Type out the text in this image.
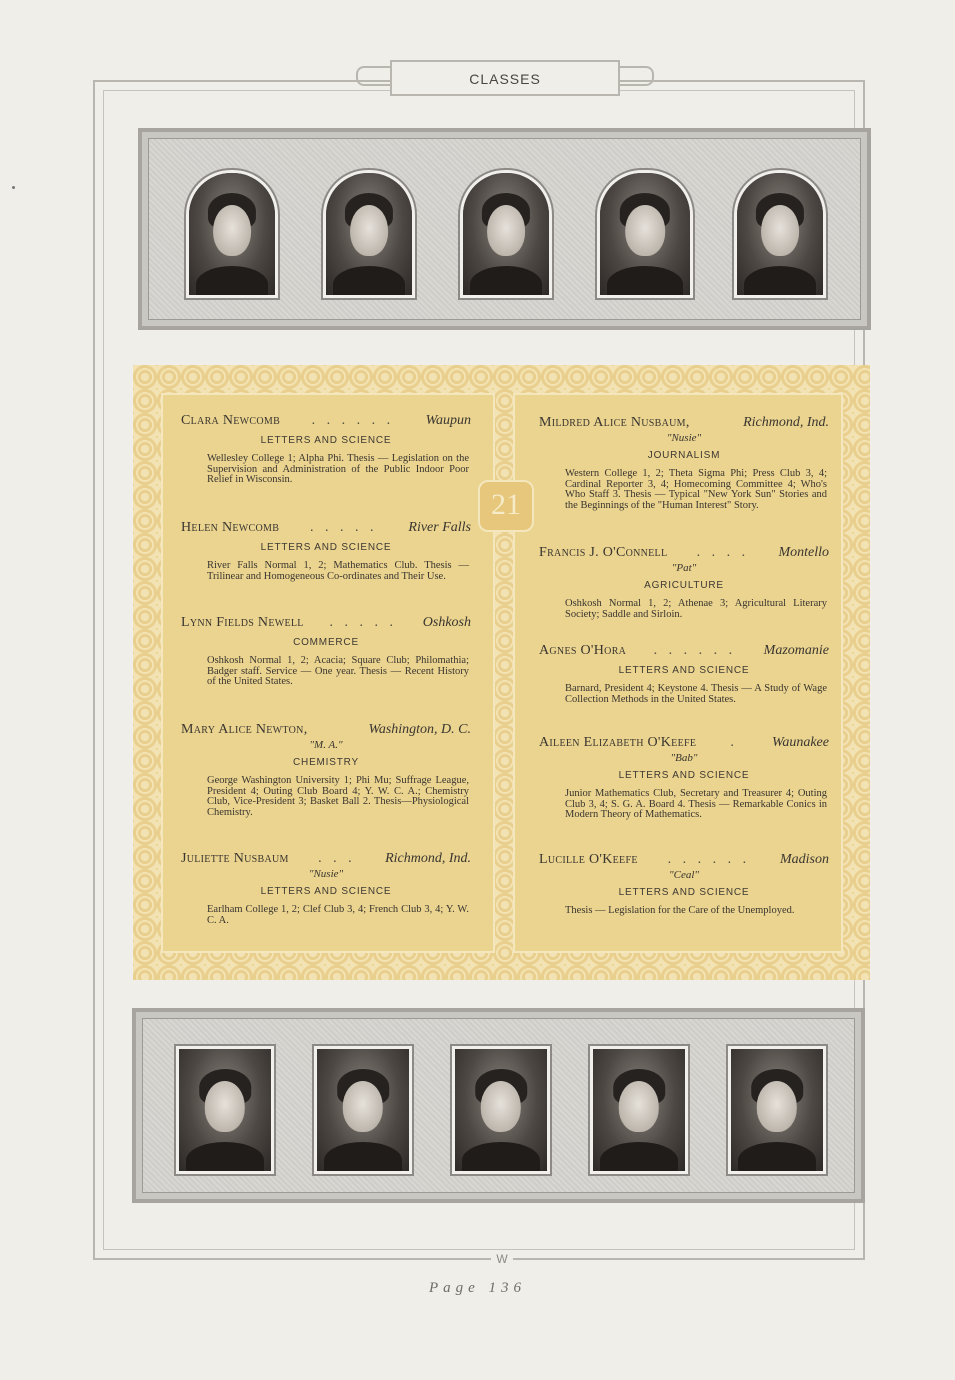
CLASSES
21
Clara Newcomb	. . . . . .	Waupun
LETTERS AND SCIENCE
Wellesley College 1; Alpha Phi. Thesis — Legislation on the Supervision and Administration of the Public Indoor Poor Relief in Wisconsin.
Helen Newcomb	. . . . .	River Falls
LETTERS AND SCIENCE
River Falls Normal 1, 2; Mathematics Club. Thesis — Trilinear and Homogeneous Co-ordinates and Their Use.
Lynn Fields Newell	. . . . .	Oshkosh
COMMERCE
Oshkosh Normal 1, 2; Acacia; Square Club; Philomathia; Badger staff. Service — One year. Thesis — Recent History of the United States.
Mary Alice Newton,	Washington, D. C.
"M. A."
CHEMISTRY
George Washington University 1; Phi Mu; Suffrage League, President 4; Outing Club Board 4; Y. W. C. A.; Chemistry Club, Vice-President 3; Basket Ball 2. Thesis—Physiological Chemistry.
Juliette Nusbaum	. . .	Richmond, Ind.
"Nusie"
LETTERS AND SCIENCE
Earlham College 1, 2; Clef Club 3, 4; French Club 3, 4; Y. W. C. A.
Mildred Alice Nusbaum,	Richmond, Ind.
"Nusie"
JOURNALISM
Western College 1, 2; Theta Sigma Phi; Press Club 3, 4; Cardinal Reporter 3, 4; Homecoming Committee 4; Who's Who Staff 3. Thesis — Typical "New York Sun" Stories and the Beginnings of the "Human Interest" Story.
Francis J. O'Connell	. . . .	Montello
"Pat"
AGRICULTURE
Oshkosh Normal 1, 2; Athenae 3; Agricultural Literary Society; Saddle and Sirloin.
Agnes O'Hora	. . . . . .	Mazomanie
LETTERS AND SCIENCE
Barnard, President 4; Keystone 4. Thesis — A Study of Wage Collection Methods in the United States.
Aileen Elizabeth O'Keefe	.	Waunakee
"Bab"
LETTERS AND SCIENCE
Junior Mathematics Club, Secretary and Treasurer 4; Outing Club 3, 4; S. G. A. Board 4. Thesis — Remarkable Conics in Modern Theory of Mathematics.
Lucille O'Keefe	. . . . . .	Madison
"Ceal"
LETTERS AND SCIENCE
Thesis — Legislation for the Care of the Unemployed.
W
Page 136
